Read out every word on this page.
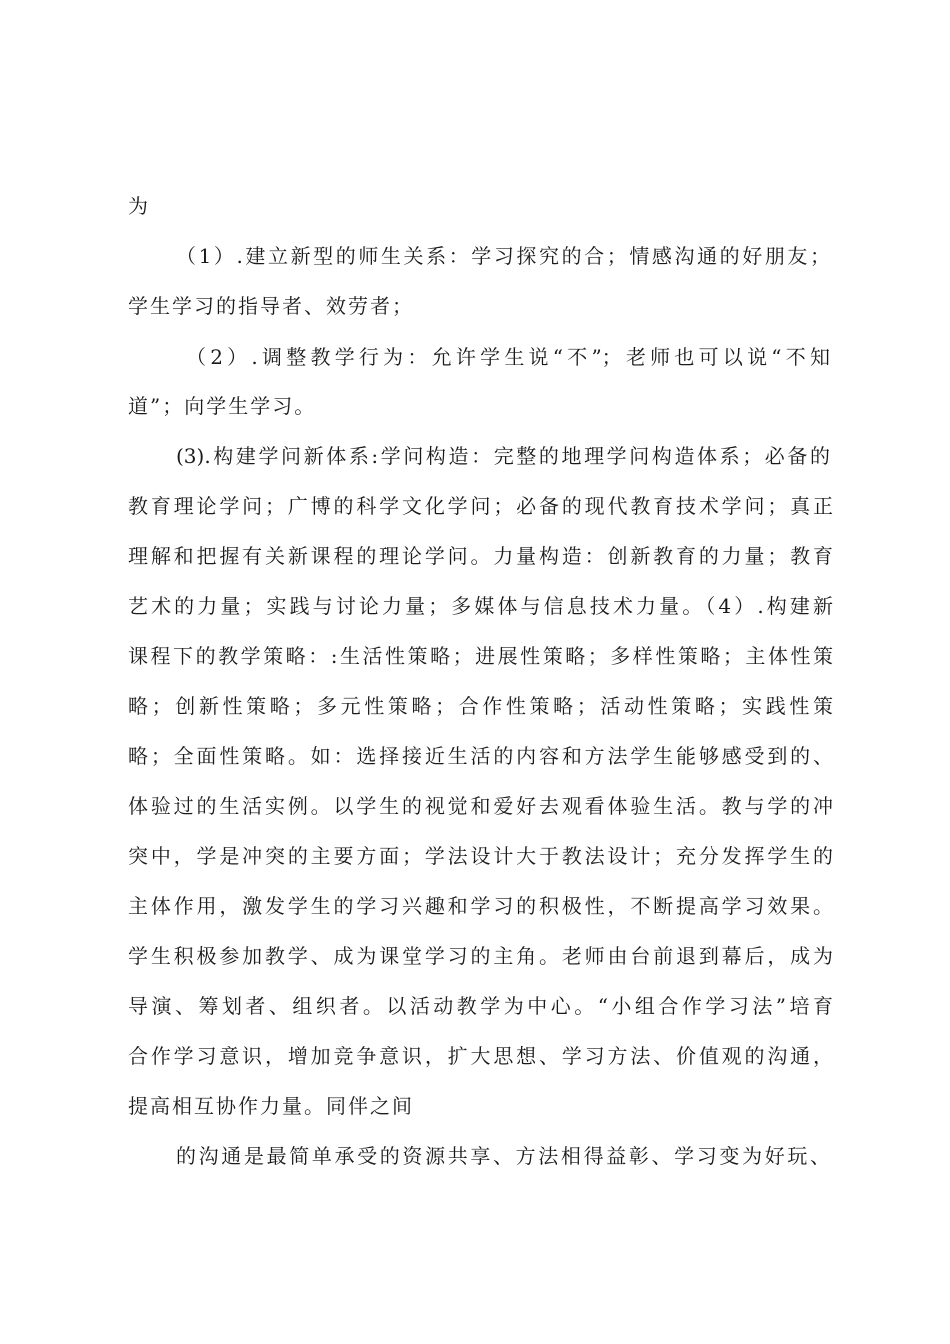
为
（1）.建立新型的师生关系：学习探究的合；情感沟通的好朋友；
学生学习的指导者、效劳者；
（2）.调整教学行为：允许学生说“不”；老师也可以说“不知
道”；向学生学习。
(3).构建学问新体系:学问构造：完整的地理学问构造体系；必备的
教育理论学问；广博的科学文化学问；必备的现代教育技术学问；真正
理解和把握有关新课程的理论学问。力量构造：创新教育的力量；教育
艺术的力量；实践与讨论力量；多媒体与信息技术力量。（4）.构建新
课程下的教学策略：:生活性策略；进展性策略；多样性策略；主体性策
略；创新性策略；多元性策略；合作性策略；活动性策略；实践性策
略；全面性策略。如：选择接近生活的内容和方法学生能够感受到的、
体验过的生活实例。以学生的视觉和爱好去观看体验生活。教与学的冲
突中，学是冲突的主要方面；学法设计大于教法设计；充分发挥学生的
主体作用，激发学生的学习兴趣和学习的积极性，不断提高学习效果。
学生积极参加教学、成为课堂学习的主角。老师由台前退到幕后，成为
导演、筹划者、组织者。以活动教学为中心。“小组合作学习法”培育
合作学习意识，增加竞争意识，扩大思想、学习方法、价值观的沟通，
提高相互协作力量。同伴之间
的沟通是最简单承受的资源共享、方法相得益彰、学习变为好玩、
